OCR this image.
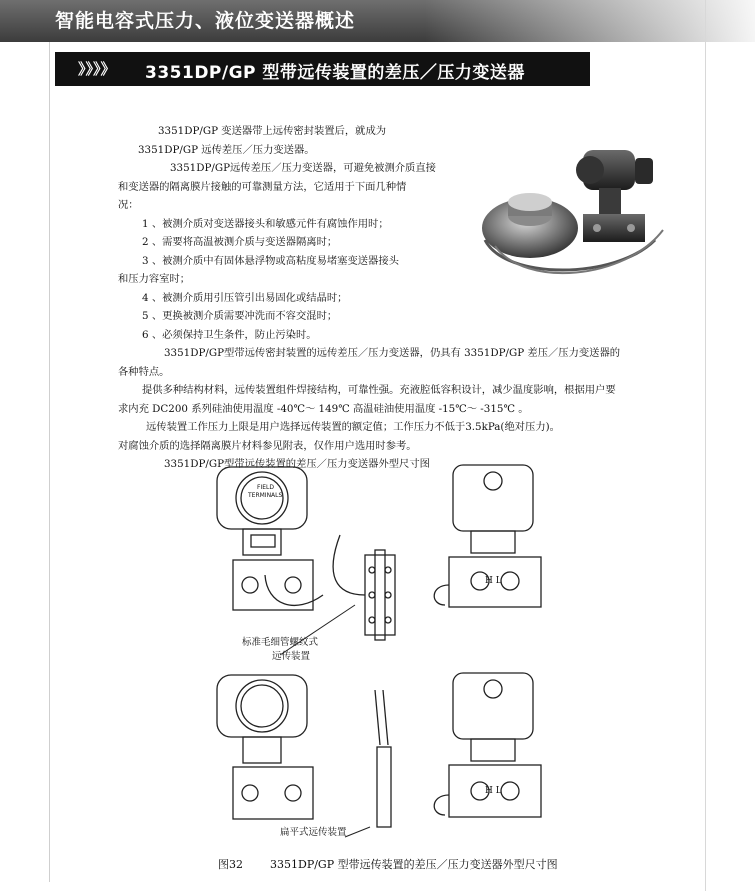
智能电容式压力、液位变送器概述
》》》》 3351DP/GP 型带远传装置的差压／压力变送器

3351DP/GP 变送器带上远传密封装置后，就成为

3351DP/GP 远传差压／压力变送器。

3351DP/GP远传差压／压力变送器，可避免被测介质直接

和变送器的隔离膜片接触的可靠测量方法，它适用于下面几种情

况：

1 、被测介质对变送器接头和敏感元件有腐蚀作用时；

2 、需要将高温被测介质与变送器隔离时；

3 、被测介质中有固体悬浮物或高粘度易堵塞变送器接头

和压力容室时；

4 、被测介质用引压管引出易固化或结晶时；

5 、更换被测介质需要冲洗而不容交混时；

6 、必须保持卫生条件，防止污染时。

3351DP/GP型带远传密封装置的远传差压／压力变送器，仍具有 3351DP/GP 差压／压力变送器的

各种特点。

提供多种结构材料，远传装置组件焊接结构，可靠性强。充液腔低容积设计，减少温度影响，根据用户要

求内充 DC200 系列硅油使用温度 -40℃～ 149℃ 高温硅油使用温度 -15℃～ -315℃ 。

远传装置工作压力上限是用户选择远传装置的额定值；工作压力不低于3.5kPa(绝对压力)。

对腐蚀介质的选择隔离膜片材料参见附表，仅作用户选用时参考。

3351DP/GP型带远传装置的差压／压力变送器外型尺寸图

FIELD
TERMINALS
H L
H L
标准毛细管螺纹式
远传装置
扁平式远传装置
图32 3351DP/GP 型带远传装置的差压／压力变送器外型尺寸图
